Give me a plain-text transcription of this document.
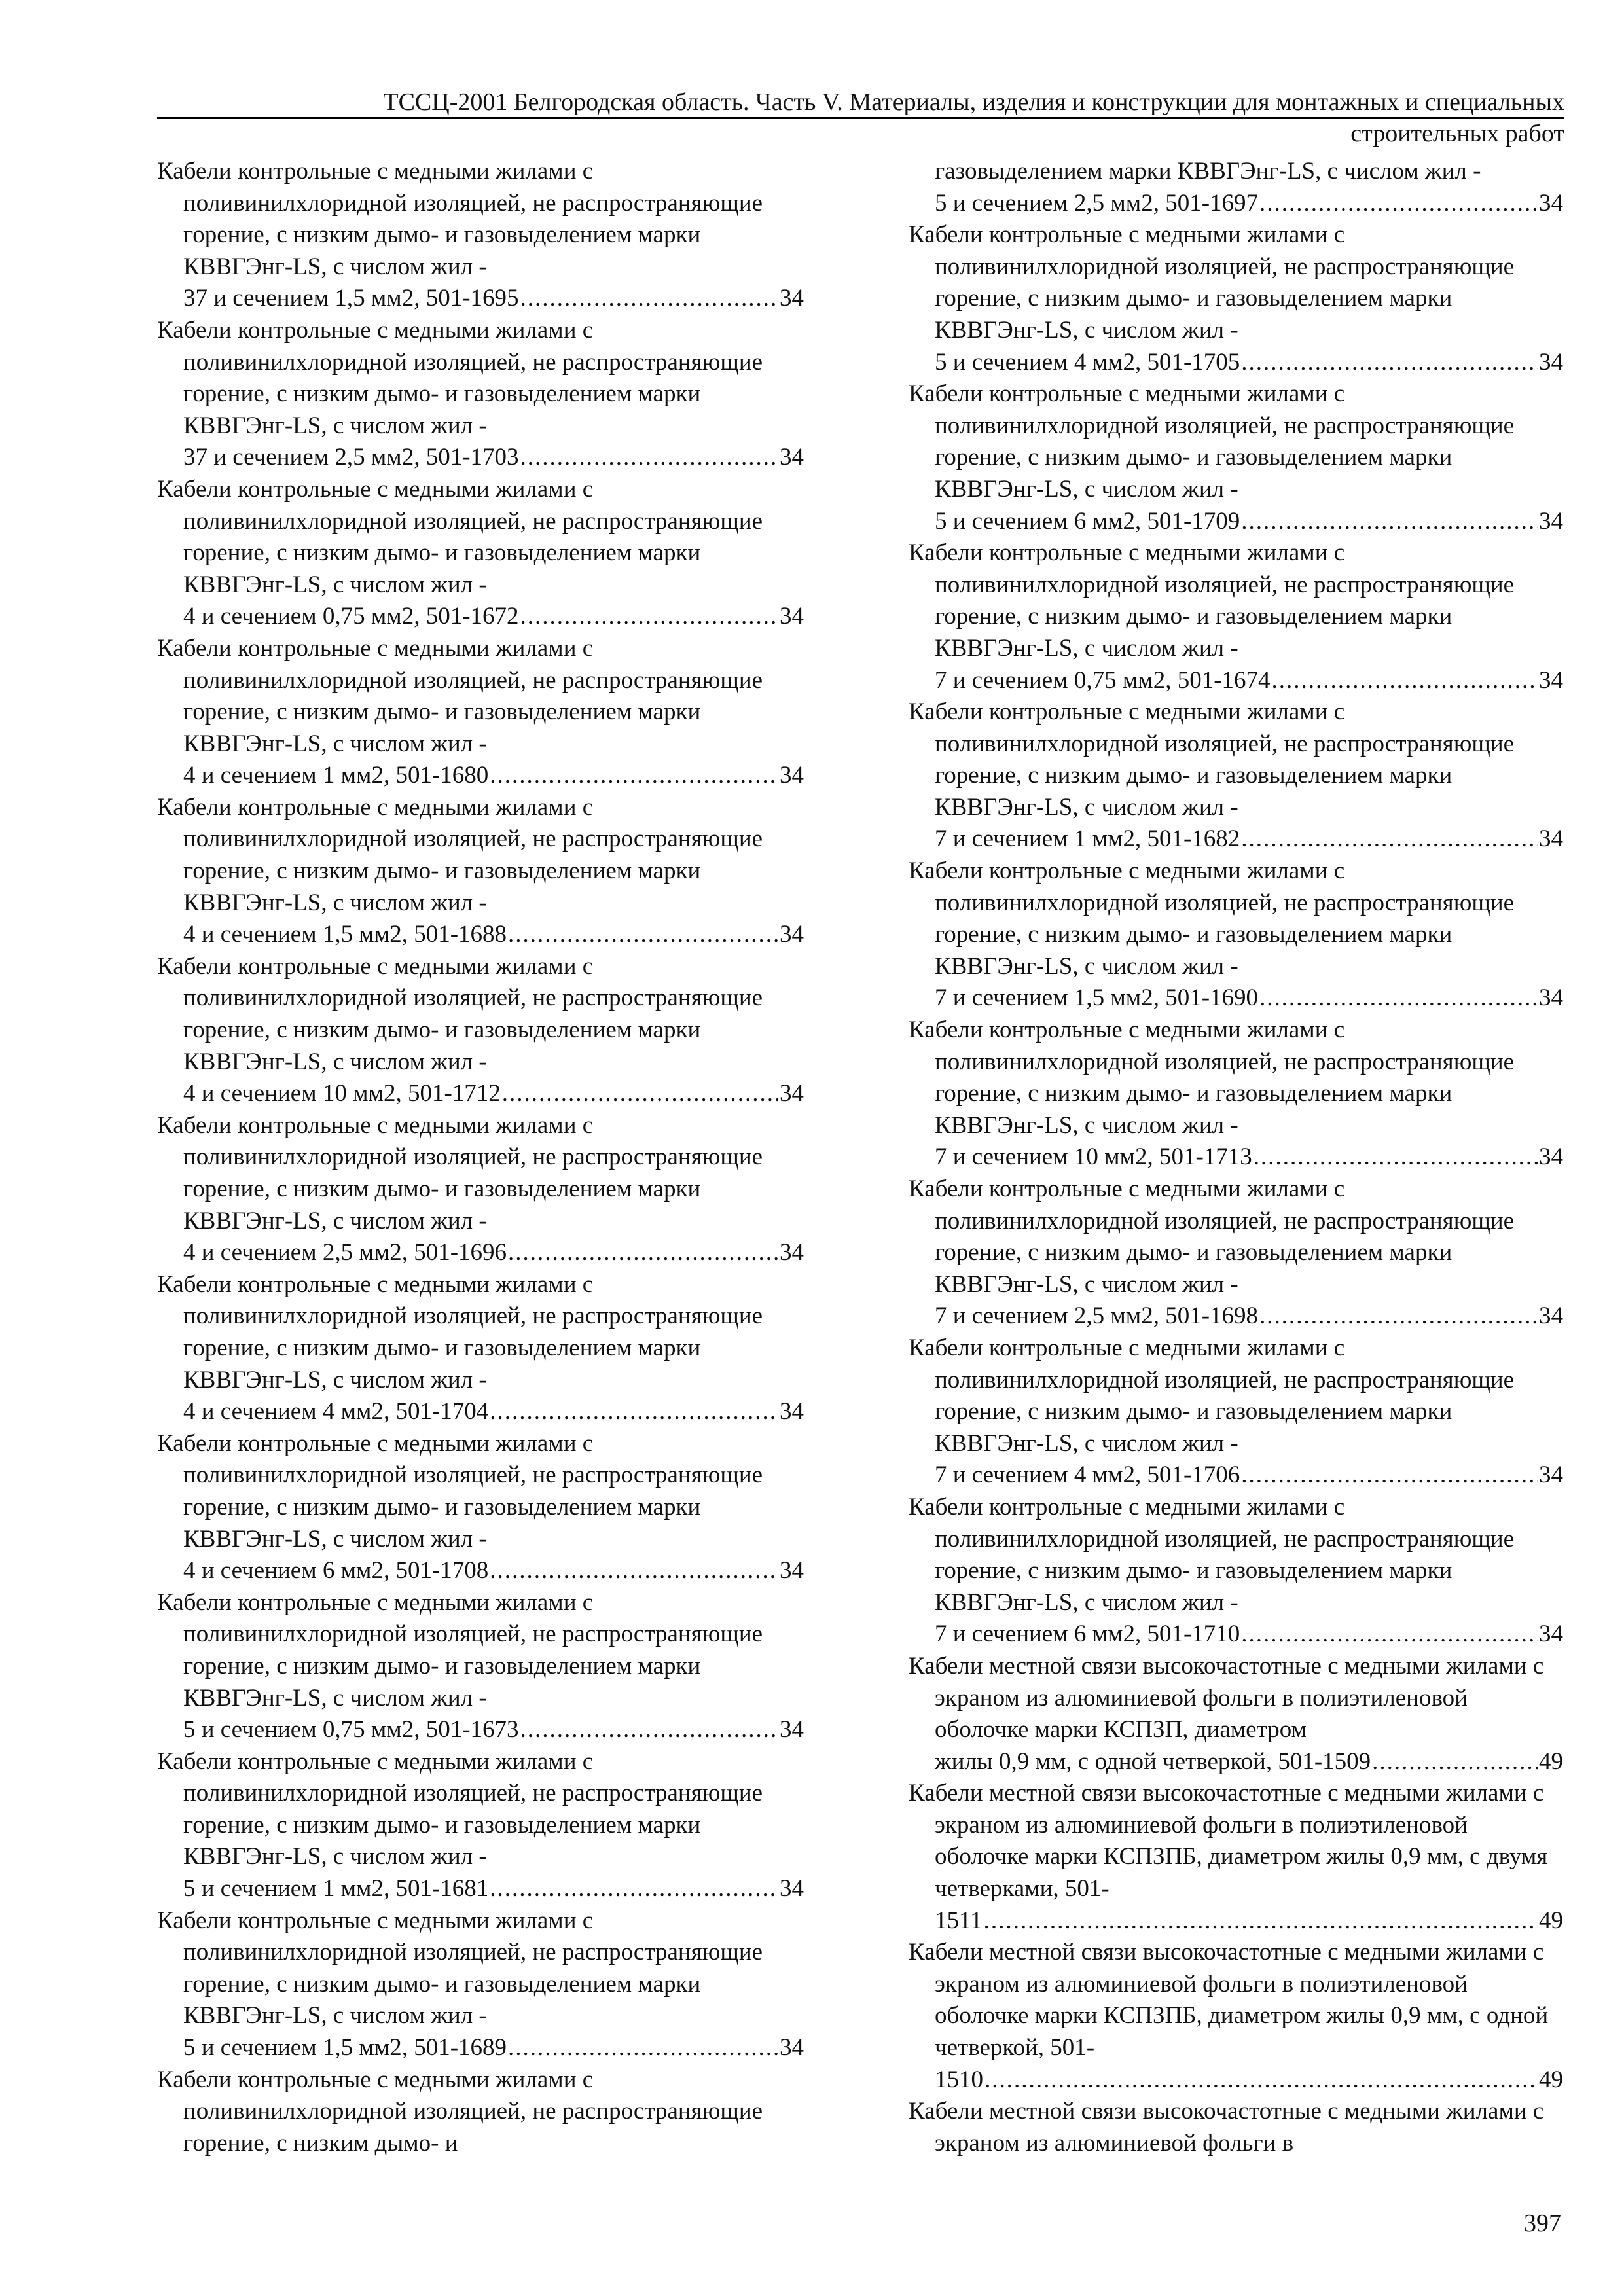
ТССЦ-2001 Белгородская область. Часть V. Материалы, изделия и конструкции для монтажных и специальных
строительных работ
Кабели контрольные с медными жилами с поливинилхлоридной изоляцией, не распространяющие горение, с низким дымо- и газовыделением марки КВВГЭнг-LS, с числом жил -
37 и сечением 1,5 мм2, 501-1695 .....	34
Кабели контрольные с медными жилами с поливинилхлоридной изоляцией, не распространяющие горение, с низким дымо- и газовыделением марки КВВГЭнг-LS, с числом жил -
37 и сечением 2,5 мм2, 501-1703 .....	34
Кабели контрольные с медными жилами с поливинилхлоридной изоляцией, не распространяющие горение, с низким дымо- и газовыделением марки КВВГЭнг-LS, с числом жил -
4 и сечением 0,75 мм2, 501-1672 .....	34
Кабели контрольные с медными жилами с поливинилхлоридной изоляцией, не распространяющие горение, с низким дымо- и газовыделением марки КВВГЭнг-LS, с числом жил -
4 и сечением 1 мм2, 501-1680 .....	34
Кабели контрольные с медными жилами с поливинилхлоридной изоляцией, не распространяющие горение, с низким дымо- и газовыделением марки КВВГЭнг-LS, с числом жил -
4 и сечением 1,5 мм2, 501-1688 .....	34
Кабели контрольные с медными жилами с поливинилхлоридной изоляцией, не распространяющие горение, с низким дымо- и газовыделением марки КВВГЭнг-LS, с числом жил -
4 и сечением 10 мм2, 501-1712 .....	34
Кабели контрольные с медными жилами с поливинилхлоридной изоляцией, не распространяющие горение, с низким дымо- и газовыделением марки КВВГЭнг-LS, с числом жил -
4 и сечением 2,5 мм2, 501-1696 .....	34
Кабели контрольные с медными жилами с поливинилхлоридной изоляцией, не распространяющие горение, с низким дымо- и газовыделением марки КВВГЭнг-LS, с числом жил -
4 и сечением 4 мм2, 501-1704 .....	34
Кабели контрольные с медными жилами с поливинилхлоридной изоляцией, не распространяющие горение, с низким дымо- и газовыделением марки КВВГЭнг-LS, с числом жил -
4 и сечением 6 мм2, 501-1708 .....	34
Кабели контрольные с медными жилами с поливинилхлоридной изоляцией, не распространяющие горение, с низким дымо- и газовыделением марки КВВГЭнг-LS, с числом жил -
5 и сечением 0,75 мм2, 501-1673 .....	34
Кабели контрольные с медными жилами с поливинилхлоридной изоляцией, не распространяющие горение, с низким дымо- и газовыделением марки КВВГЭнг-LS, с числом жил -
5 и сечением 1 мм2, 501-1681 .....	34
Кабели контрольные с медными жилами с поливинилхлоридной изоляцией, не распространяющие горение, с низким дымо- и газовыделением марки КВВГЭнг-LS, с числом жил -
5 и сечением 1,5 мм2, 501-1689 .....	34
Кабели контрольные с медными жилами с поливинилхлоридной изоляцией, не распространяющие горение, с низким дымо- и
газовыделением марки КВВГЭнг-LS, с числом жил -
5 и сечением 2,5 мм2, 501-1697 .....	34
Кабели контрольные с медными жилами с поливинилхлоридной изоляцией, не распространяющие горение, с низким дымо- и газовыделением марки КВВГЭнг-LS, с числом жил -
5 и сечением 4 мм2, 501-1705 .....	34
Кабели контрольные с медными жилами с поливинилхлоридной изоляцией, не распространяющие горение, с низким дымо- и газовыделением марки КВВГЭнг-LS, с числом жил -
5 и сечением 6 мм2, 501-1709 .....	34
Кабели контрольные с медными жилами с поливинилхлоридной изоляцией, не распространяющие горение, с низким дымо- и газовыделением марки КВВГЭнг-LS, с числом жил -
7 и сечением 0,75 мм2, 501-1674 .....	34
Кабели контрольные с медными жилами с поливинилхлоридной изоляцией, не распространяющие горение, с низким дымо- и газовыделением марки КВВГЭнг-LS, с числом жил -
7 и сечением 1 мм2, 501-1682 .....	34
Кабели контрольные с медными жилами с поливинилхлоридной изоляцией, не распространяющие горение, с низким дымо- и газовыделением марки КВВГЭнг-LS, с числом жил -
7 и сечением 1,5 мм2, 501-1690 .....	34
Кабели контрольные с медными жилами с поливинилхлоридной изоляцией, не распространяющие горение, с низким дымо- и газовыделением марки КВВГЭнг-LS, с числом жил -
7 и сечением 10 мм2, 501-1713 .....	34
Кабели контрольные с медными жилами с поливинилхлоридной изоляцией, не распространяющие горение, с низким дымо- и газовыделением марки КВВГЭнг-LS, с числом жил -
7 и сечением 2,5 мм2, 501-1698 .....	34
Кабели контрольные с медными жилами с поливинилхлоридной изоляцией, не распространяющие горение, с низким дымо- и газовыделением марки КВВГЭнг-LS, с числом жил -
7 и сечением 4 мм2, 501-1706 .....	34
Кабели контрольные с медными жилами с поливинилхлоридной изоляцией, не распространяющие горение, с низким дымо- и газовыделением марки КВВГЭнг-LS, с числом жил -
7 и сечением 6 мм2, 501-1710 .....	34
Кабели местной связи высокочастотные с медными жилами с экраном из алюминиевой фольги в полиэтиленовой оболочке марки КСПЗП, диаметром
жилы 0,9 мм, с одной четверкой, 501-1509 .....	49
Кабели местной связи высокочастотные с медными жилами с экраном из алюминиевой фольги в полиэтиленовой оболочке марки КСПЗПБ, диаметром жилы 0,9 мм, с двумя четверками, 501-
1511 .....	49
Кабели местной связи высокочастотные с медными жилами с экраном из алюминиевой фольги в полиэтиленовой оболочке марки КСПЗПБ, диаметром жилы 0,9 мм, с одной четверкой, 501-
1510 .....	49
Кабели местной связи высокочастотные с медными жилами с экраном из алюминиевой фольги в
397
